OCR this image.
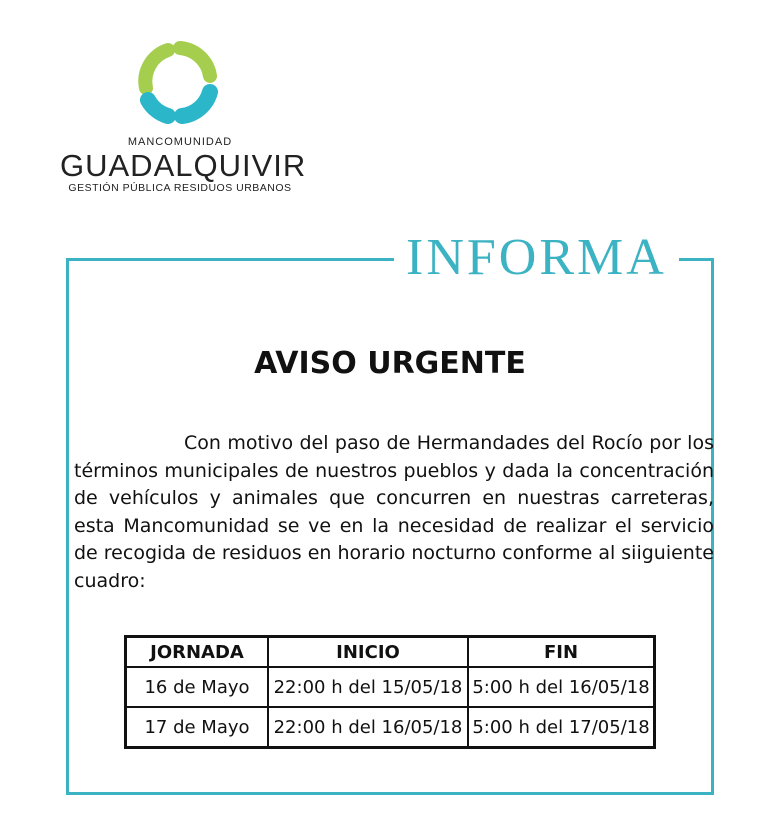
MANCOMUNIDAD
GUADALQUIVIR
GESTIÓN PÚBLICA RESIDUOS URBANOS
INFORMA
AVISO URGENTE
Con motivo del paso de Hermandades del Rocío por los términos municipales de nuestros pueblos y dada la concentración de vehículos y animales que concurren en nuestras carreteras, esta Mancomunidad se ve en la necesidad de realizar el servicio de recogida de residuos en horario nocturno conforme al siiguiente cuadro:
JORNADA	INICIO	FIN
16 de Mayo	22:00 h del 15/05/18	5:00 h del 16/05/18
17 de Mayo	22:00 h del 16/05/18	5:00 h del 17/05/18
